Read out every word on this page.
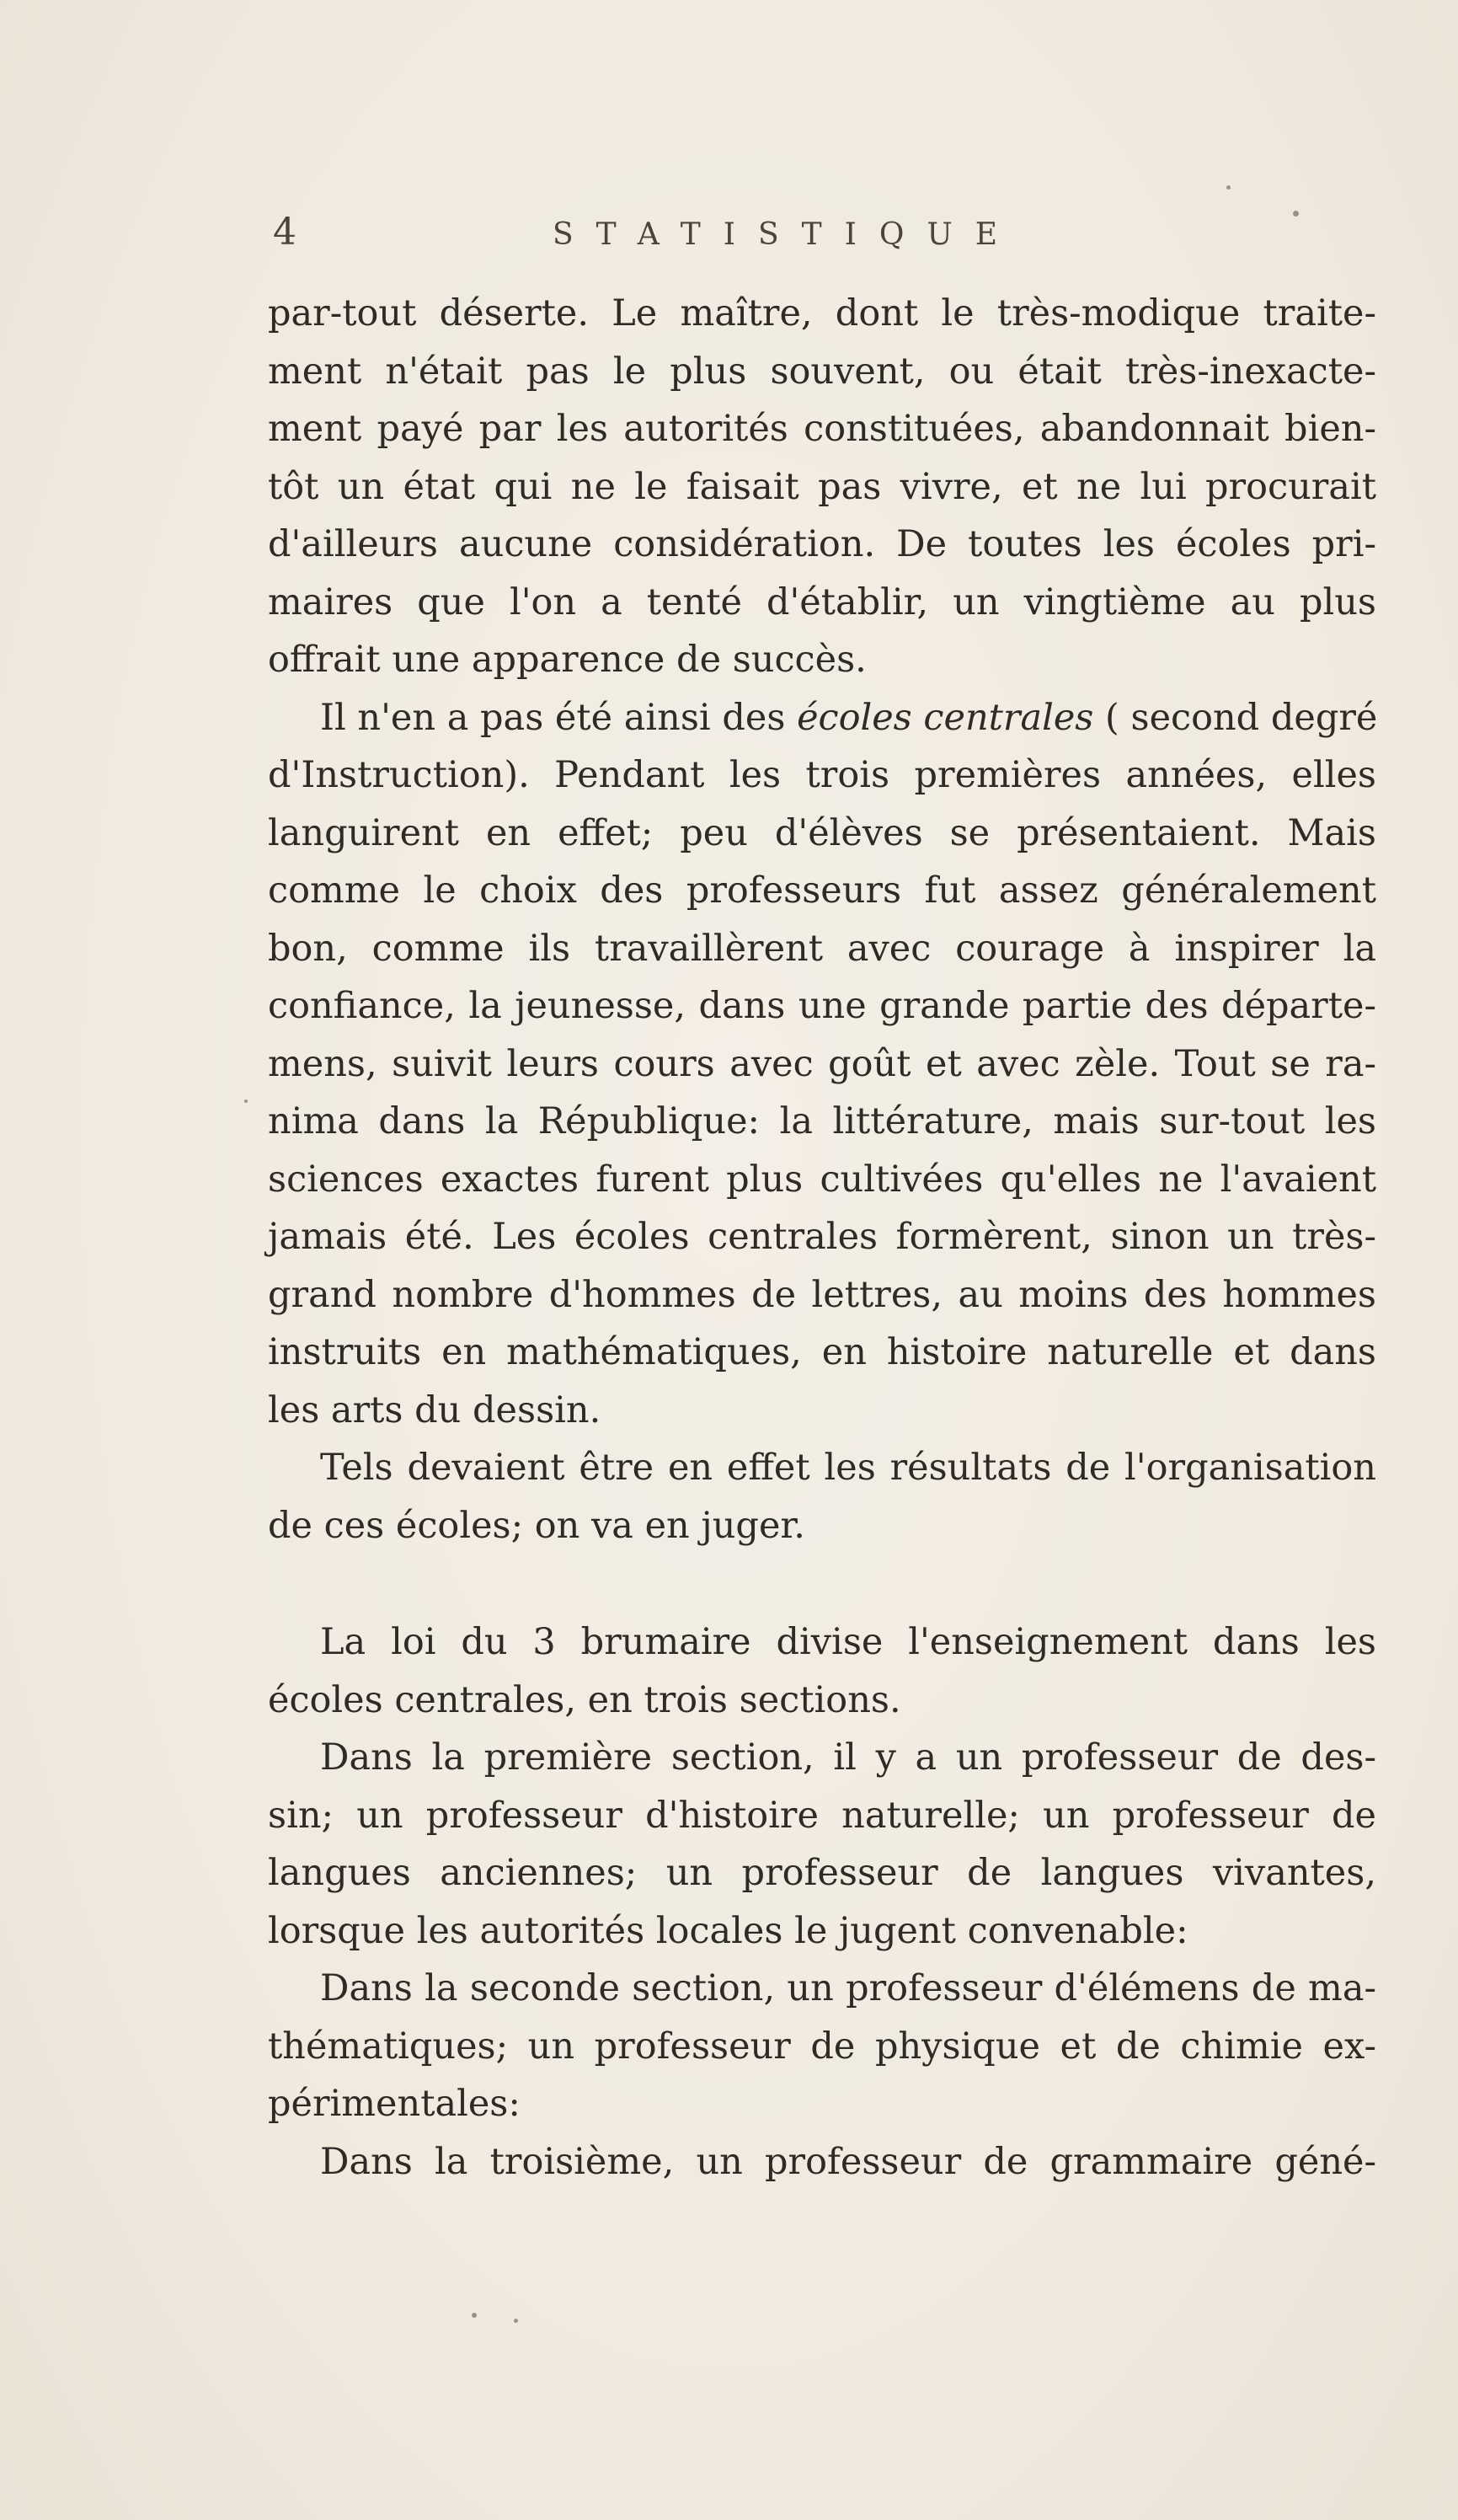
4	STATISTIQUE
par-tout déserte. Le maître, dont le très-modique traite-
ment n'était pas le plus souvent, ou était très-inexacte-
ment payé par les autorités constituées, abandonnait bien-
tôt un état qui ne le faisait pas vivre, et ne lui procurait
d'ailleurs aucune considération. De toutes les écoles pri-
maires que l'on a tenté d'établir, un vingtième au plus
offrait une apparence de succès.
Il n'en a pas été ainsi des écoles centrales ( second degré
d'Instruction). Pendant les trois premières années, elles
languirent en effet; peu d'élèves se présentaient. Mais
comme le choix des professeurs fut assez généralement
bon, comme ils travaillèrent avec courage à inspirer la
confiance, la jeunesse, dans une grande partie des départe-
mens, suivit leurs cours avec goût et avec zèle. Tout se ra-
nima dans la République: la littérature, mais sur-tout les
sciences exactes furent plus cultivées qu'elles ne l'avaient
jamais été. Les écoles centrales formèrent, sinon un très-
grand nombre d'hommes de lettres, au moins des hommes
instruits en mathématiques, en histoire naturelle et dans
les arts du dessin.
Tels devaient être en effet les résultats de l'organisation
de ces écoles; on va en juger.
La loi du 3 brumaire divise l'enseignement dans les
écoles centrales, en trois sections.
Dans la première section, il y a un professeur de des-
sin; un professeur d'histoire naturelle; un professeur de
langues anciennes; un professeur de langues vivantes,
lorsque les autorités locales le jugent convenable:
Dans la seconde section, un professeur d'élémens de ma-
thématiques; un professeur de physique et de chimie ex-
périmentales:
Dans la troisième, un professeur de grammaire géné-
